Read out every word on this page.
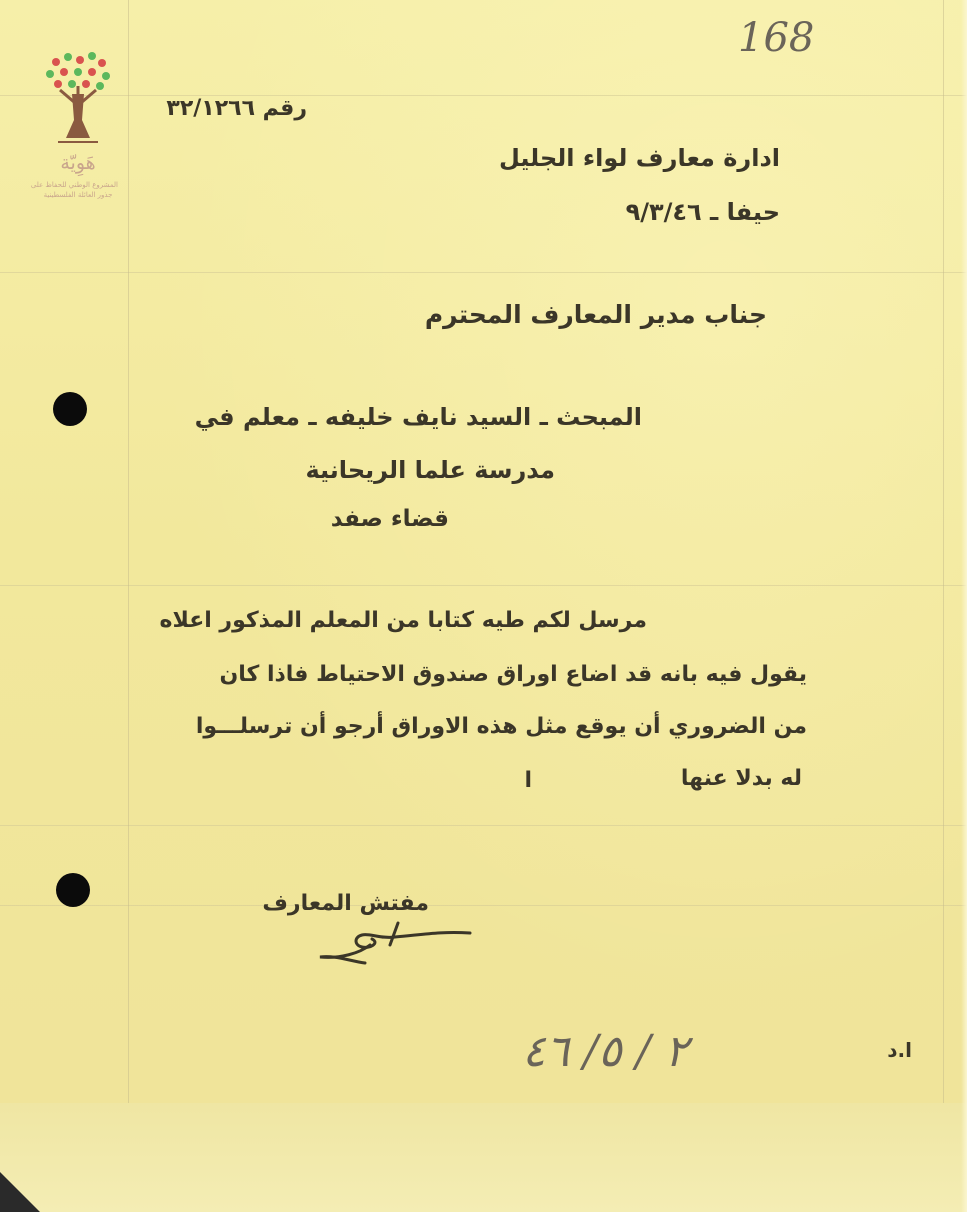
هَوِيّة
المشروع الوطني للحفاظ على
جذور العائلة الفلسطينية
168
رقم ٣٢/١٢٦٦
ادارة معارف لواء الجليل
حيفا ـ ٩/٣/٤٦
جناب مدير المعارف المحترم
المبحث ـ السيد نايف خليفه ـ معلم في
مدرسة علما الريحانية
قضاء صفد
مرسل لكم طيه كتابا من المعلم المذكور اعلاه
يقول فيه بانه قد اضاع اوراق صندوق الاحتياط فاذا كان
من الضروري أن يوقع مثل هذه الاوراق أرجو أن ترسلـــوا
له بدلا عنها
ا
مفتش المعارف
٢ / ٥/ ٤٦	ا.د
